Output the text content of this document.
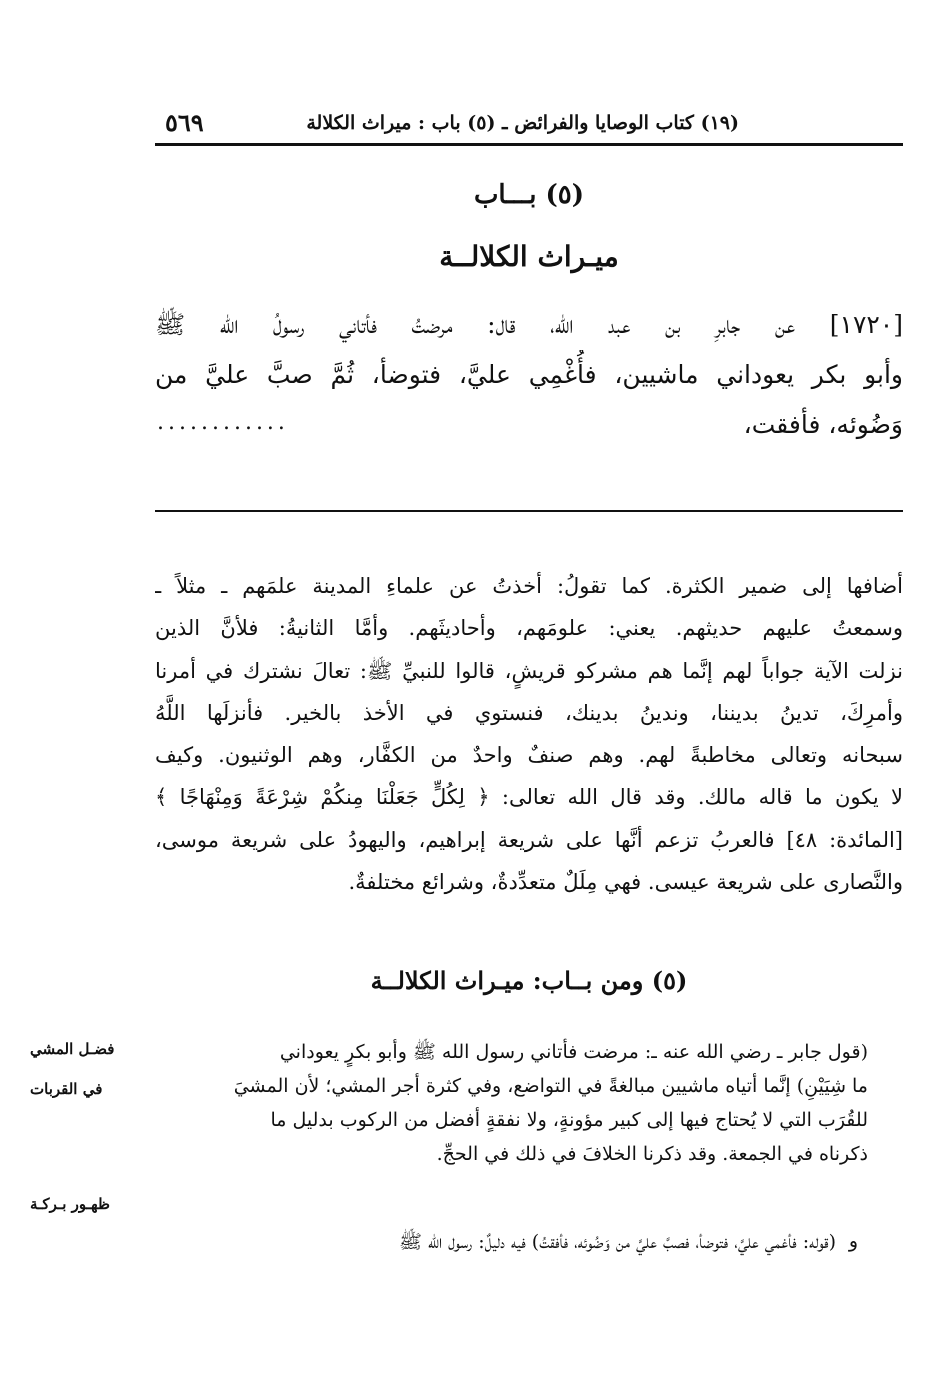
(١٩) كتاب الوصايا والفرائض ـ (٥) باب : ميراث الكلالة
٥٦٩
(٥) بـــاب
ميـراث الكلالــة
[١٧٢٠] عن جابرِ بن عبد الله، قال: مرضتُ فأتاني رسولُ الله ﷺ
وأبو بكر يعوداني ماشيين، فأُغْمِي عليَّ، فتوضأ، ثُمَّ صبَّ عليَّ من
وَضُوئه، فأفقت،
............
أضافها إلى ضمير الكثرة. كما تقولُ: أخذتُ عن علماءِ المدينة علمَهم ـ مثلاً ـ
وسمعتُ عليهم حديثهم. يعني: علومَهم، وأحاديثَهم. وأمَّا الثانيةُ: فلأنَّ الذين
نزلت الآية جواباً لهم إنَّما هم مشركو قريشٍ، قالوا للنبيِّ ﷺ: تعالَ نشترك في أمرنا
وأمرِكَ، تدينُ بديننا، وندينُ بدينك، فنستوي في الأخذ بالخير. فأنزلَها اللَّهُ
سبحانه وتعالى مخاطبةً لهم. وهم صنفٌ واحدٌ من الكفَّار، وهم الوثنيون. وكيف
لا يكون ما قاله مالك. وقد قال الله تعالى: ﴿ لِكُلٍّ جَعَلْنَا مِنكُمْ شِرْعَةً وَمِنْهَاجًا ﴾
[المائدة: ٤٨] فالعربُ تزعم أنَّها على شريعة إبراهيم، واليهودُ على شريعة موسى،
والنَّصارى على شريعة عيسى. فهي مِلَلٌ متعدِّدةٌ، وشرائع مختلفةٌ.
(٥) ومن بــاب: ميـراث الكلالــة
(قول جابر ـ رضي الله عنه ـ: مرضت فأتاني رسول الله ﷺ وأبو بكرٍ يعوداني
ما شِيَيْنِ) إنَّما أتياه ماشيين مبالغةً في التواضع، وفي كثرة أجر المشي؛ لأن المشيَ
للقُرَب التي لا يُحتاج فيها إلى كبير مؤونةٍ، ولا نفقةٍ أفضل من الركوب بدليل ما
ذكرناه في الجمعة. وقد ذكرنا الخلافَ في ذلك في الحجِّ.
فضـل المشي
في القربات
ظهـور بـركـة
(قوله: فأغمي عليَّ، فتوضأ، فصبَّ عليَّ من وَضُوئه، فأفقتُ) فيه دليلٌ: رسول الله ﷺ و
